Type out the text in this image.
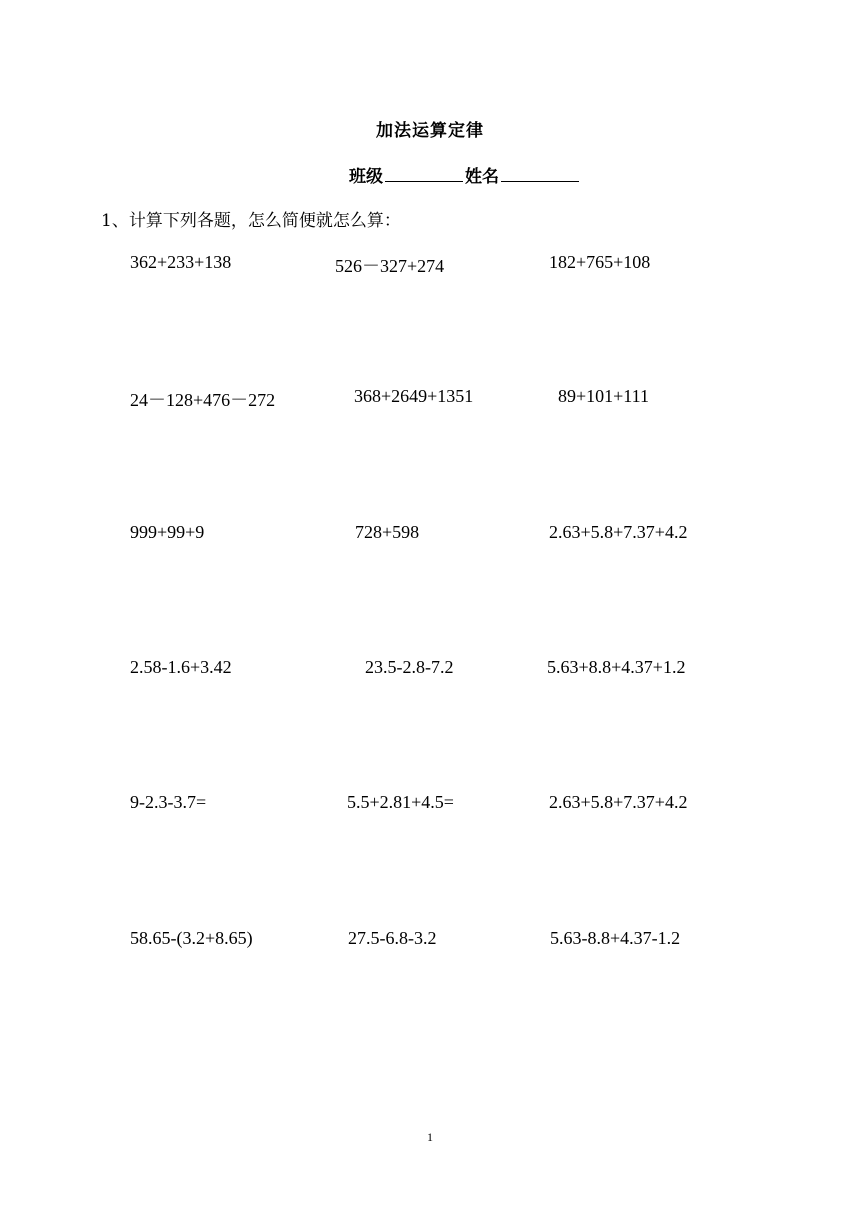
加法运算定律
班级	姓名
1、计算下列各题，怎么简便就怎么算：
362+233+138	526－327+274	182+765+108
24－128+476－272	368+2649+1351	89+101+111
999+99+9	728+598	2.63+5.8+7.37+4.2
2.58-1.6+3.42	23.5-2.8-7.2	5.63+8.8+4.37+1.2
9-2.3-3.7=	5.5+2.81+4.5=	2.63+5.8+7.37+4.2
58.65-(3.2+8.65)	27.5-6.8-3.2	5.63-8.8+4.37-1.2
1
